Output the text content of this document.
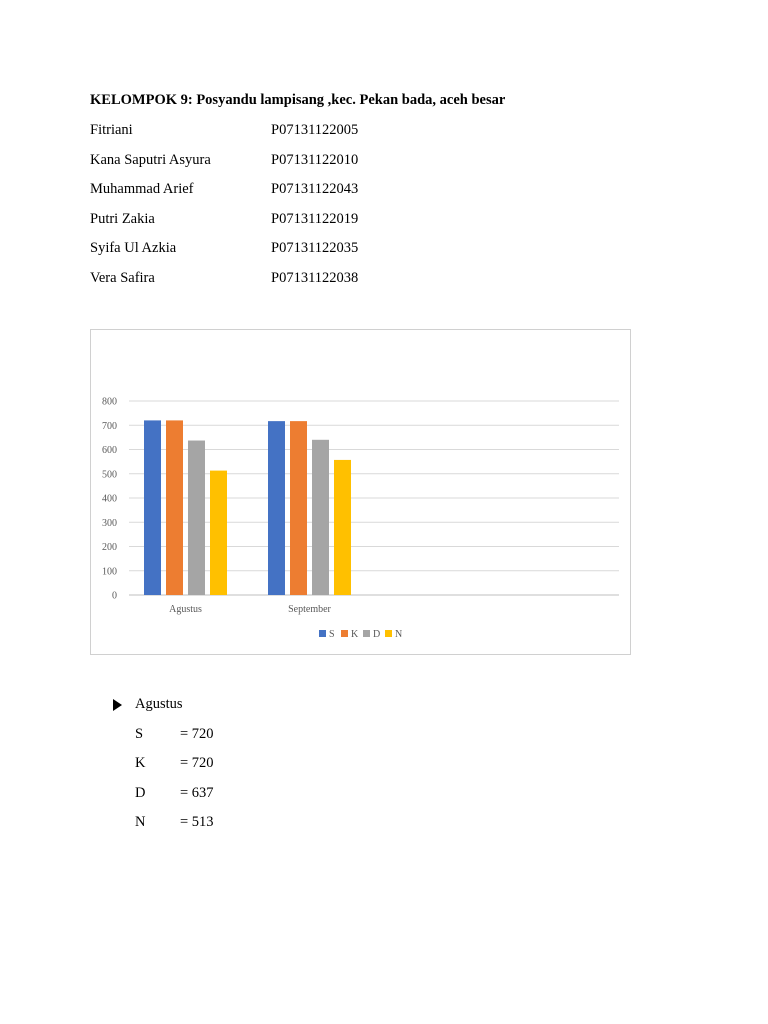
KELOMPOK 9: Posyandu lampisang ,kec. Pekan bada, aceh besar
Fitriani	P07131122005
Kana Saputri Asyura	P07131122010
Muhammad Arief	P07131122043
Putri Zakia	P07131122019
Syifa Ul Azkia	P07131122035
Vera Safira	P07131122038
0
100
200
300
400
500
600
700
800
Agustus	September
S K D N
Agustus
S	= 720
K = 720
D = 637
N = 513
